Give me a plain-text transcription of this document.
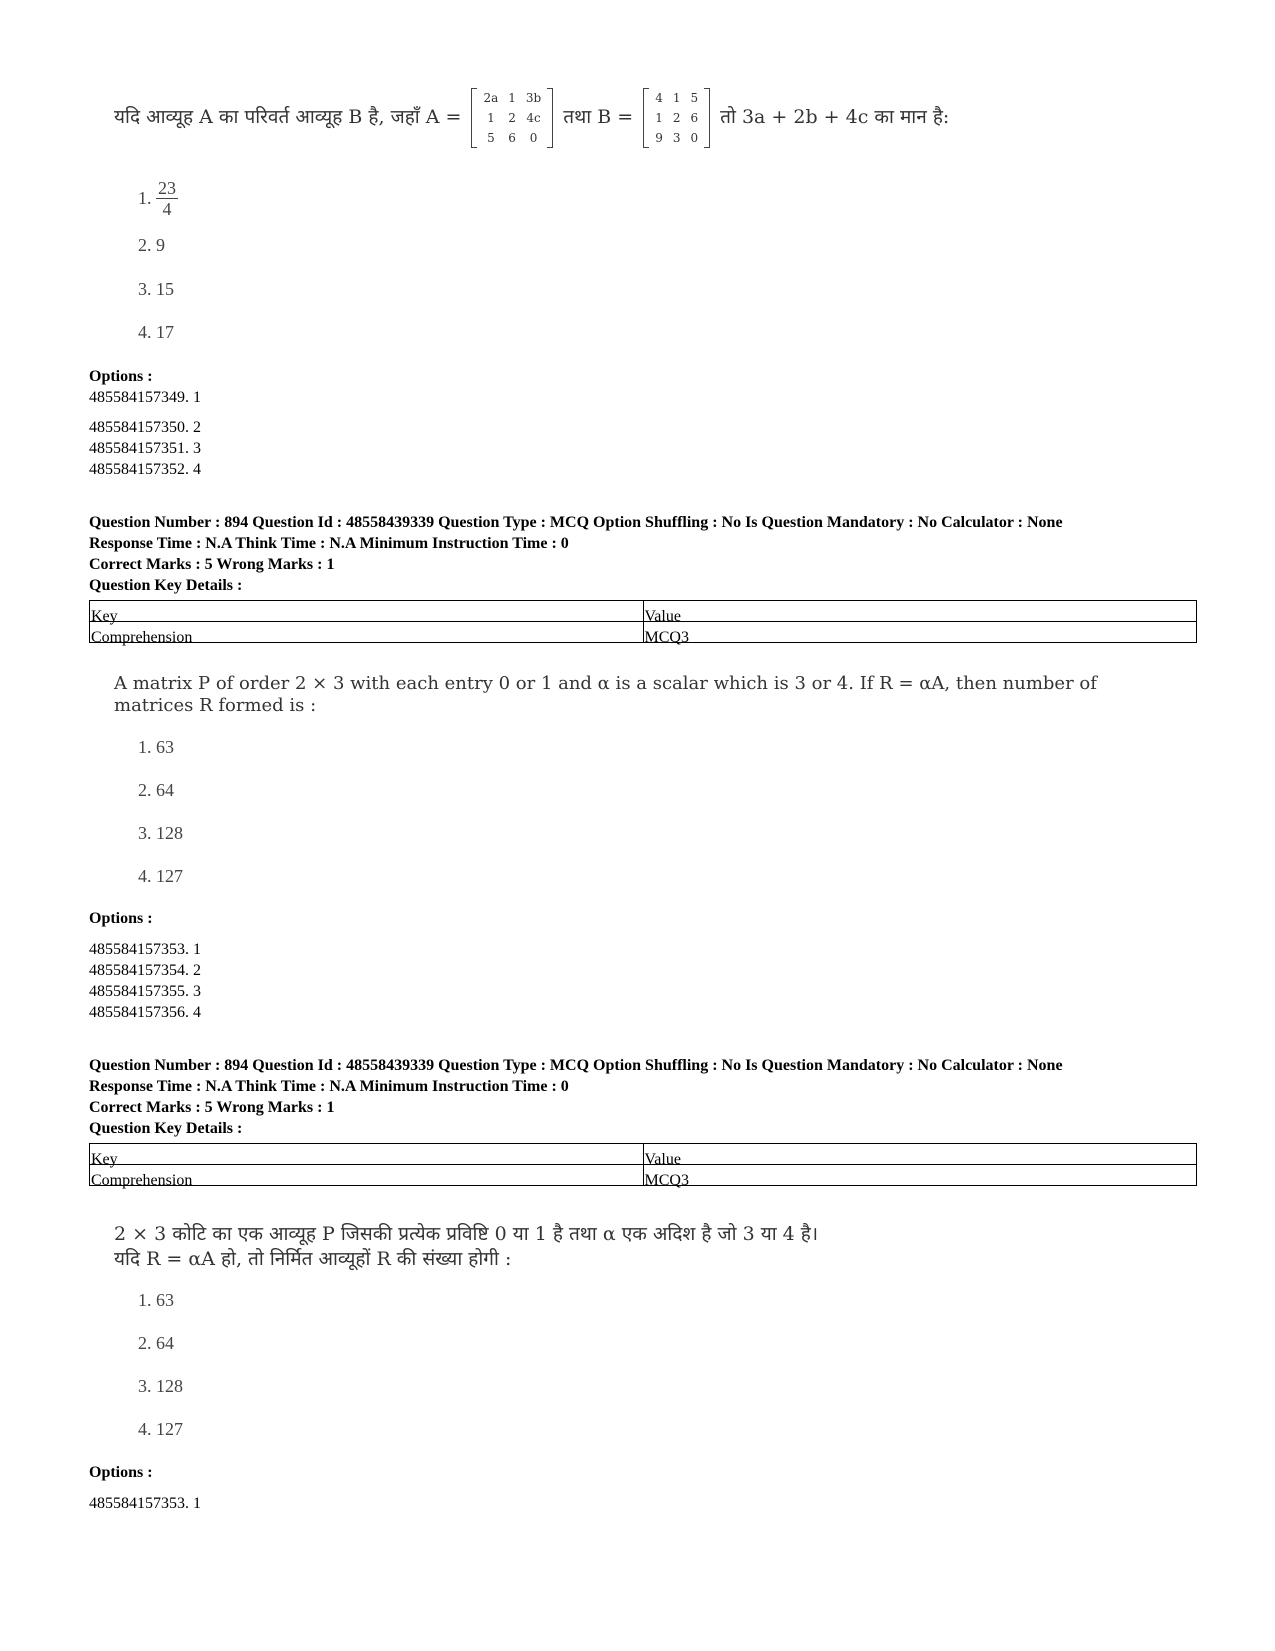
यदि आव्यूह A का परिवर्त आव्यूह B है, जहाँ A =
2a	1	3b
1	2	4c
5	6	0
तथा B =
4	1	5
1	2	6
9	3	0
तो 3a + 2b + 4c का मान है:
1. $\frac{23}{4}$
2. 9
3. 15
4. 17
Options :
485584157349. 1
485584157350. 2
485584157351. 3
485584157352. 4
Question Number : 894 Question Id : 48558439339 Question Type : MCQ Option Shuffling : No Is Question Mandatory : No Calculator : None
Response Time : N.A Think Time : N.A Minimum Instruction Time : 0
Correct Marks : 5 Wrong Marks : 1
Question Key Details :
Key	Value
Comprehension	MCQ3
A matrix P of order 2 × 3 with each entry 0 or 1 and α is a scalar which is 3 or 4. If R = αA, then number of
matrices R formed is :
1. 63
2. 64
3. 128
4. 127
Options :
485584157353. 1
485584157354. 2
485584157355. 3
485584157356. 4
Question Number : 894 Question Id : 48558439339 Question Type : MCQ Option Shuffling : No Is Question Mandatory : No Calculator : None
Response Time : N.A Think Time : N.A Minimum Instruction Time : 0
Correct Marks : 5 Wrong Marks : 1
Question Key Details :
Key	Value
Comprehension	MCQ3
2 × 3 कोटि का एक आव्यूह P जिसकी प्रत्येक प्रविष्टि 0 या 1 है तथा α एक अदिश है जो 3 या 4 है।
यदि R = αA हो, तो निर्मित आव्यूहों R की संख्या होगी :
1. 63
2. 64
3. 128
4. 127
Options :
485584157353. 1
